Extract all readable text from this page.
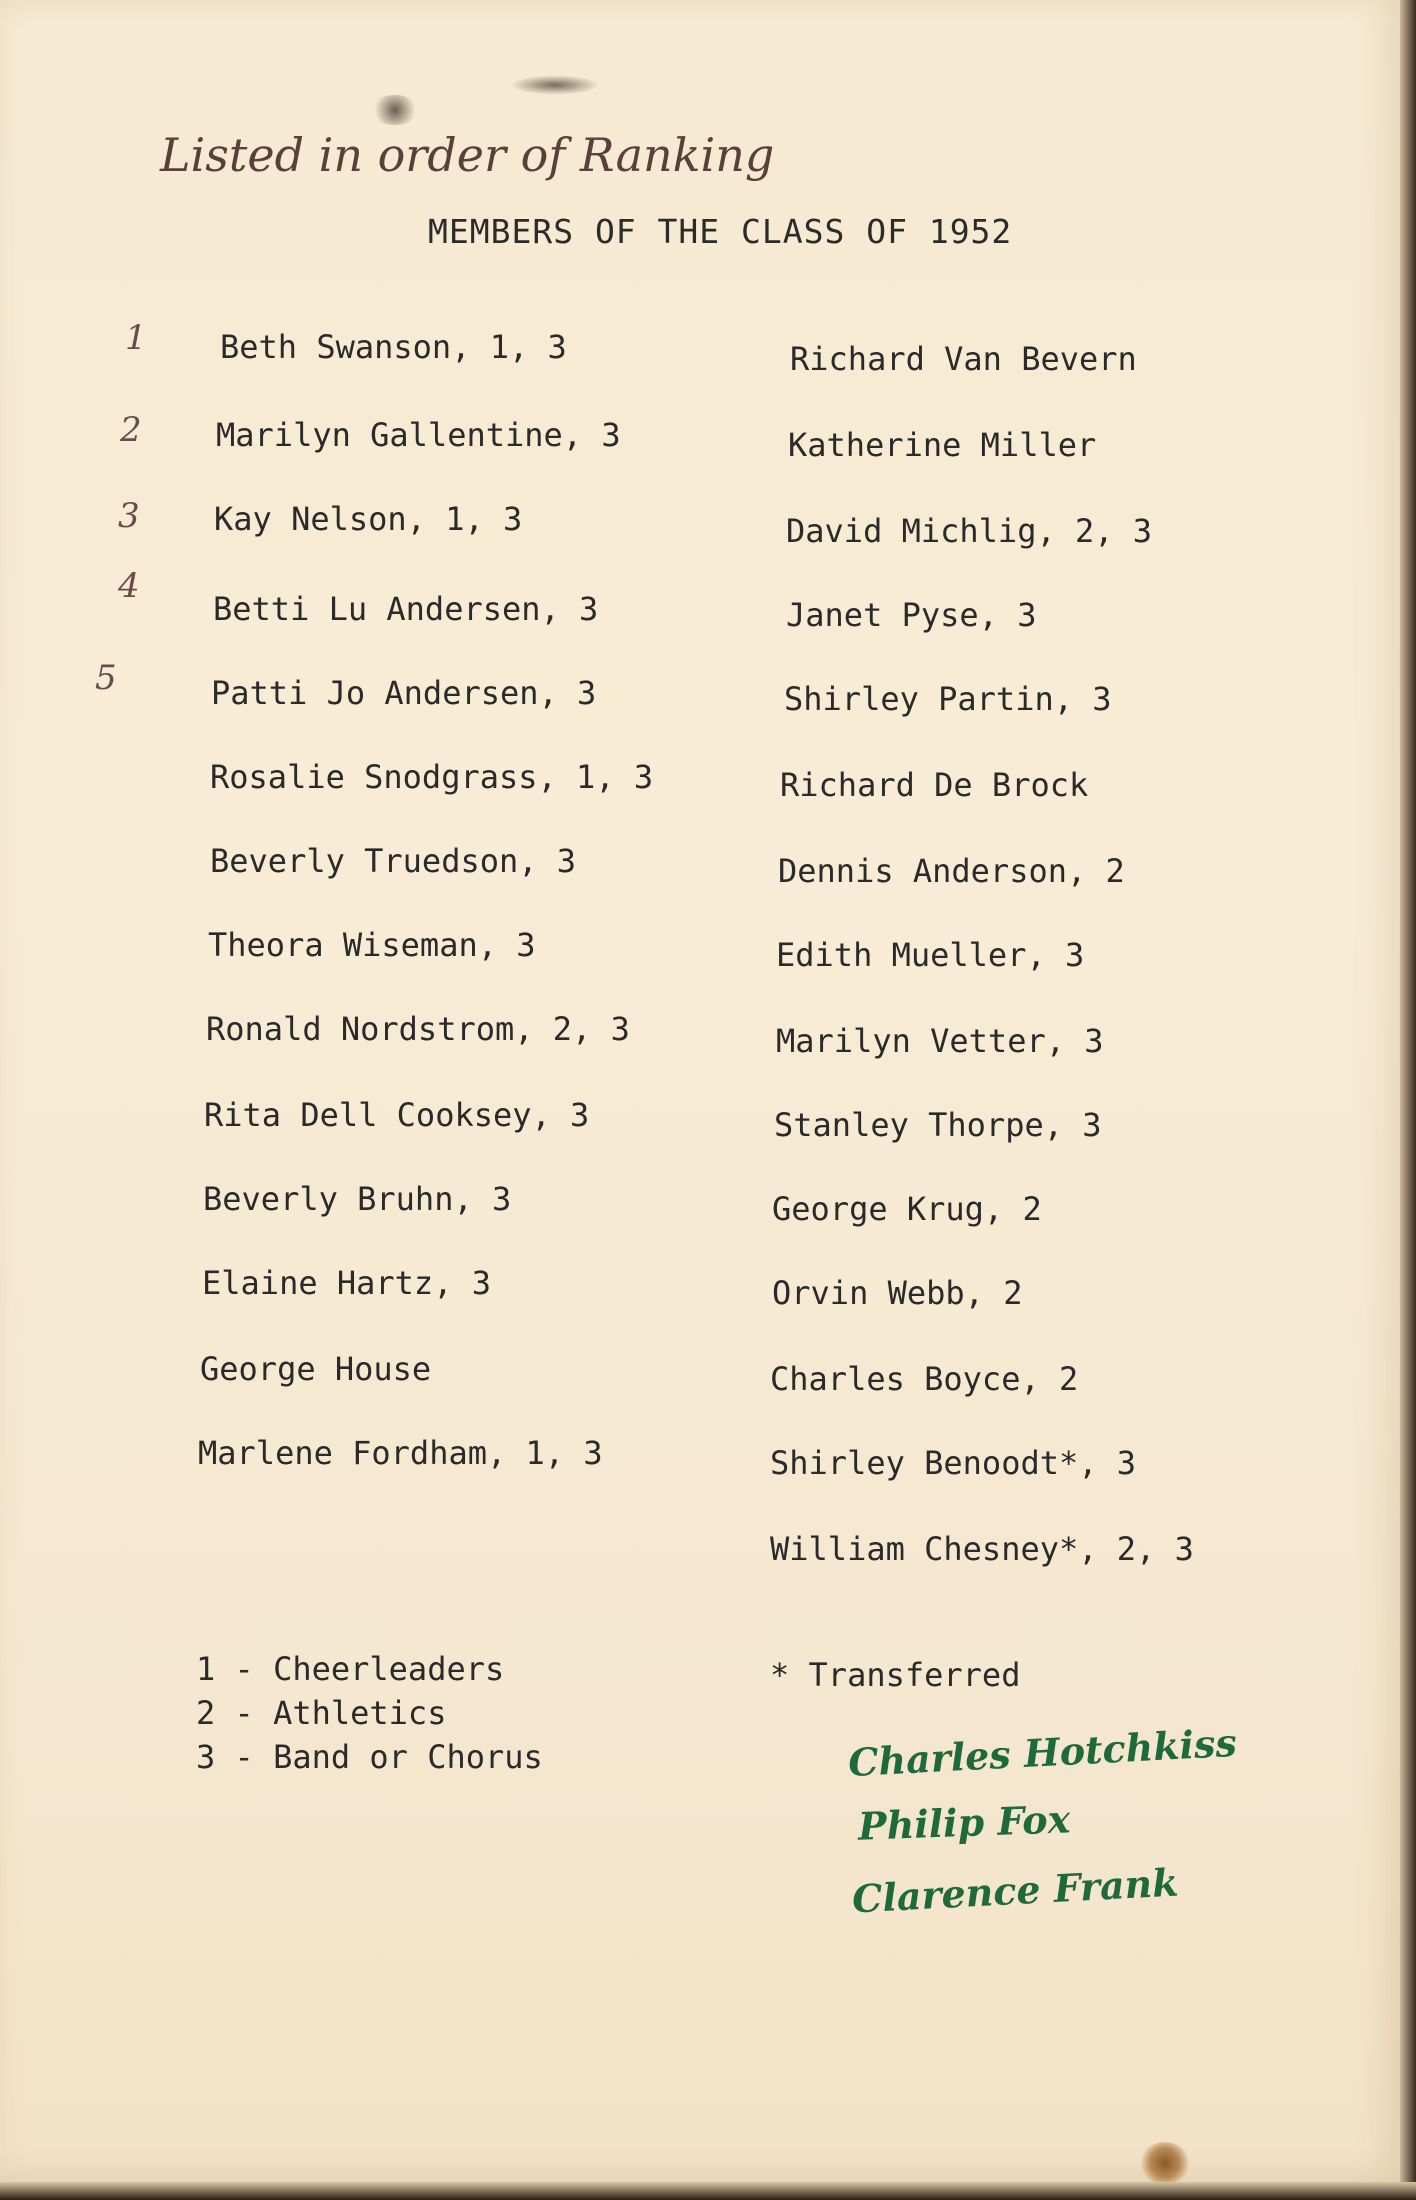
Listed in order of Ranking
MEMBERS OF THE CLASS OF 1952
1
2
3
4
5
Beth Swanson, 1, 3
Marilyn Gallentine, 3
Kay Nelson, 1, 3
Betti Lu Andersen, 3
Patti Jo Andersen, 3
Rosalie Snodgrass, 1, 3
Beverly Truedson, 3
Theora Wiseman, 3
Ronald Nordstrom, 2, 3
Rita Dell Cooksey, 3
Beverly Bruhn, 3
Elaine Hartz, 3
George House
Marlene Fordham, 1, 3
Richard Van Bevern
Katherine Miller
David Michlig, 2, 3
Janet Pyse, 3
Shirley Partin, 3
Richard De Brock
Dennis Anderson, 2
Edith Mueller, 3
Marilyn Vetter, 3
Stanley Thorpe, 3
George Krug, 2
Orvin Webb, 2
Charles Boyce, 2
Shirley Benoodt*, 3
William Chesney*, 2, 3
1 - Cheerleaders
2 - Athletics
3 - Band or Chorus
* Transferred
Charles Hotchkiss
Philip Fox
Clarence Frank
